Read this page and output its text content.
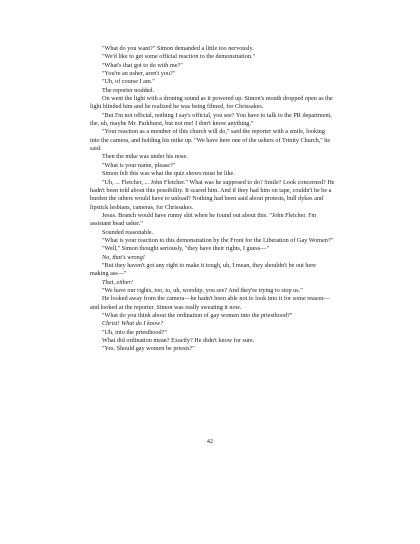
"What do you want?" Simon demanded a little too nervously.

"We'd like to get some official reaction to the demonstration."

"What's that got to do with me?"

"You're an usher, aren't you?"

"Uh, of course I am."

The reporter nodded.

On went the light with a droning sound as it powered up. Simon's mouth dropped open as the light blinded him and he realized he was being filmed, for Chrissakes.

"But I'm not official, nothing I say's official, you see? You have to talk to the PR department, the, uh, maybe Mr. Parkhurst, but not me! I don't know anything."

"Your reaction as a member of this church will do," said the reporter with a smile, looking into the camera, and holding his mike up. "We have here one of the ushers of Trinity Church," he said.

Then the mike was under his nose.

"What is your name, please?"

Simon felt this was what the quiz shows must be like.

"Uh, ... Fletcher, ... John Fletcher." What was he supposed to do? Smile? Look concerned? He hadn't been told about this possibility. It scared him. And if they had him on tape, couldn't he be a burden the others would have to unload? Nothing had been said about protests, bull dykes and lipstick lesbians, cameras, for Chrissakes.

Jesus. Branch would have runny shit when he found out about this. "John Fletcher. I'm assistant head usher."

Sounded reasonable.

"What is your reaction to this demonstration by the Front for the Liberation of Gay Women?"

"Well," Simon thought seriously, "they have their rights, I guess—"

No, that's wrong!

"But they haven't got any right to make it tough, uh, I mean, they shouldn't be out here making ass—"

That, either!

"We have our rights, too, to, uh, worship, you see? And they're trying to stop us."

He looked away from the camera—he hadn't been able not to look into it for some reason—and looked at the reporter. Simon was really sweating it now.

"What do you think about the ordination of gay women into the priesthood?"

Christ! What do I know?

"Uh, into the priesthood?"

What did ordination mean? Exactly? He didn't know for sure.

"Yes. Should gay women be priests?"

42
